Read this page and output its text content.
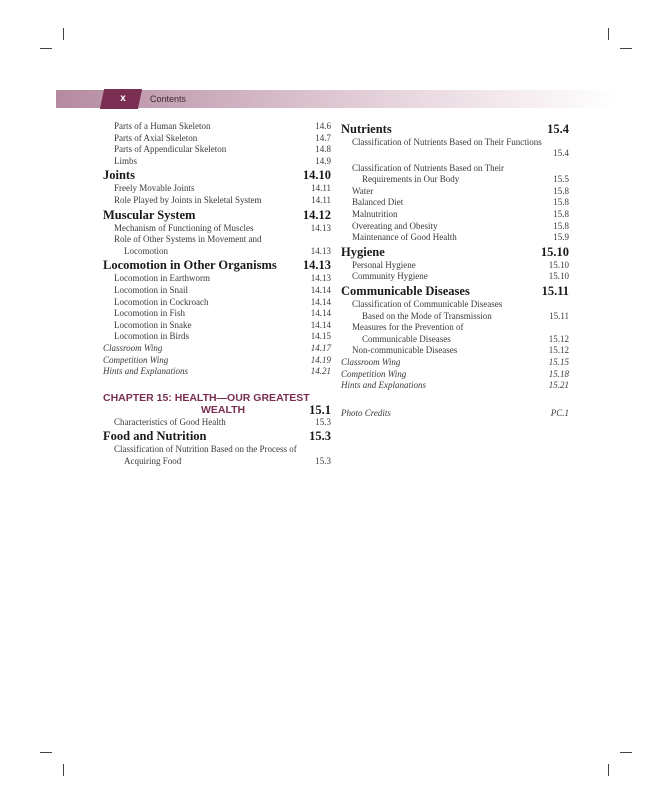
x	Contents
Parts of a Human Skeleton	14.6
Parts of Axial Skeleton	14.7
Parts of Appendicular Skeleton	14.8
Limbs	14.9
Joints	14.10
Freely Movable Joints	14.11
Role Played by Joints in Skeletal System	14.11
Muscular System	14.12
Mechanism of Functioning of Muscles	14.13
Role of Other Systems in Movement and
Locomotion	14.13
Locomotion in Other Organisms	14.13
Locomotion in Earthworm	14.13
Locomotion in Snail	14.14
Locomotion in Cockroach	14.14
Locomotion in Fish	14.14
Locomotion in Snake	14.14
Locomotion in Birds	14.15
Classroom Wing	14.17
Competition Wing	14.19
Hints and Explanations	14.21
CHAPTER 15: HEALTH—OUR GREATEST
WEALTH	15.1
Characteristics of Good Health	15.3
Food and Nutrition	15.3
Classification of Nutrition Based on the Process of
Acquiring Food	15.3
Nutrients	15.4
Classification of Nutrients Based on Their Functions
15.4
Classification of Nutrients Based on Their
Requirements in Our Body	15.5
Water	15.8
Balanced Diet	15.8
Malnutrition	15.8
Overeating and Obesity	15.8
Maintenance of Good Health	15.9
Hygiene	15.10
Personal Hygiene	15.10
Community Hygiene	15.10
Communicable Diseases	15.11
Classification of Communicable Diseases
Based on the Mode of Transmission	15.11
Measures for the Prevention of
Communicable Diseases	15.12
Non-communicable Diseases	15.12
Classroom Wing	15.15
Competition Wing	15.18
Hints and Explanations	15.21
Photo Credits	PC.1
